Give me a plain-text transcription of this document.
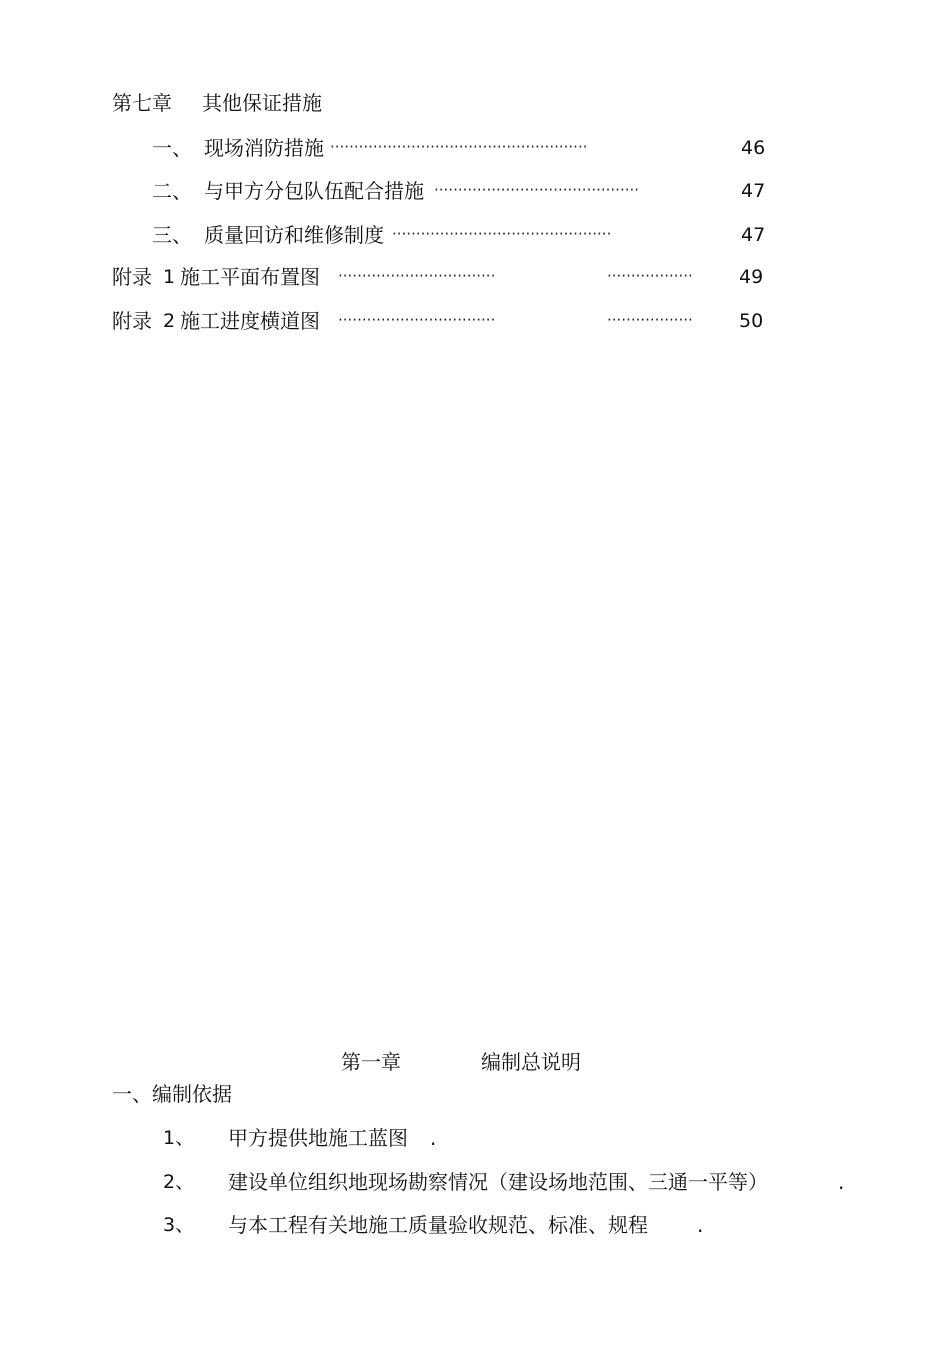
第七章 其他保证措施
一、 现场消防措施 ······················································	46
二、 与甲方分包队伍配合措施 ···········································	47
三、 质量回访和维修制度 ··············································	47
附录 1 施工平面布置图 ·································	··················	49
附录 2 施工进度横道图 ·································	··················	50
第一章	编制总说明
一、编制依据
1、 甲方提供地施工蓝图 .
2、 建设单位组织地现场勘察情况（建设场地范围、三通一平等）	.
3、 与本工程有关地施工质量验收规范、标准、规程 .
